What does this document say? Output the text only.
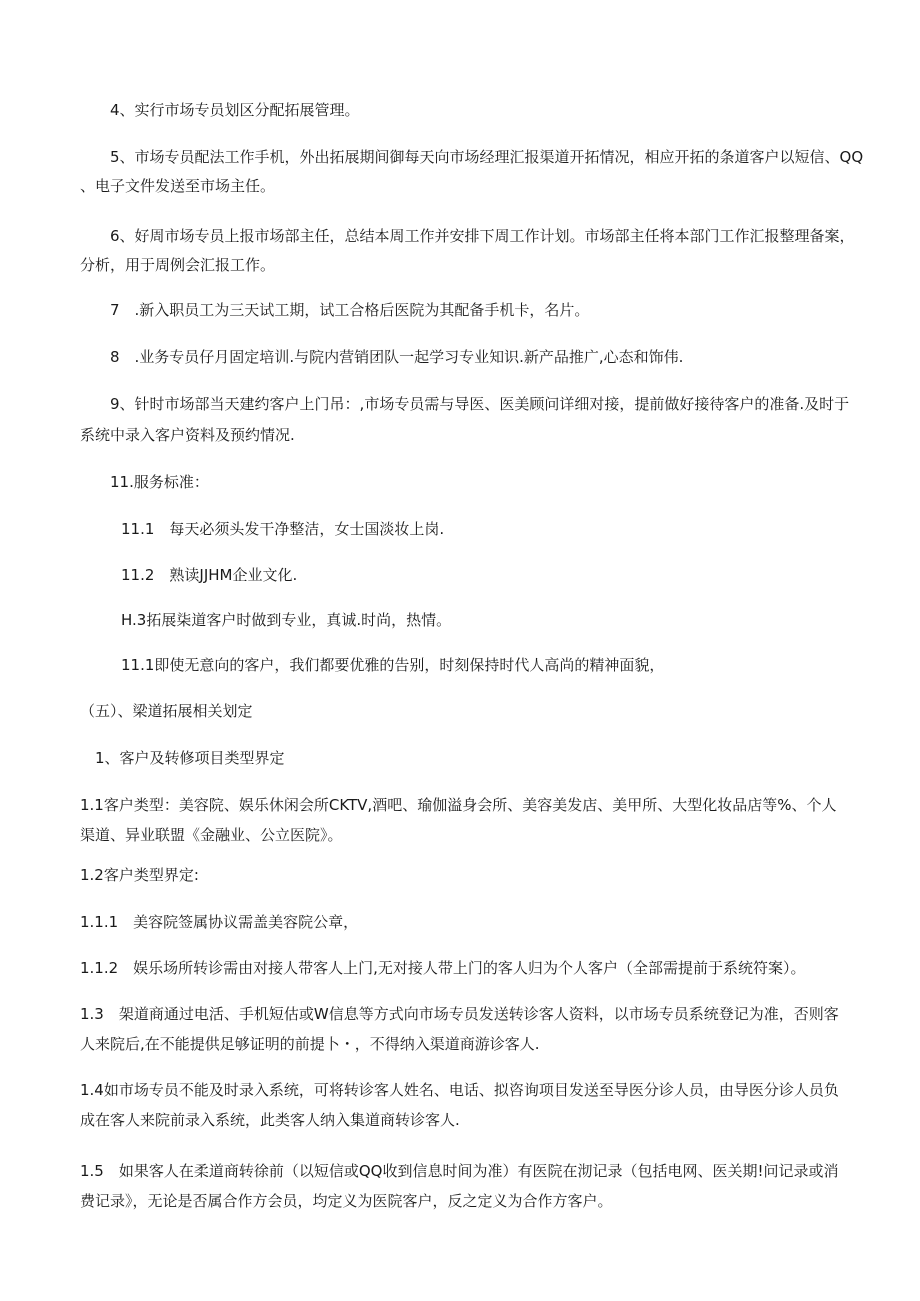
4、实行市场专员划区分配拓展管理。
5、市场专员配法工作手机，外出拓展期间御每天向市场经理汇报渠道开拓情况，相应开拓的条道客户以短信、QQ
、电子文件发送至市场主任。
6、好周市场专员上报市场部主任，总结本周工作并安排下周工作计划。市场部主任将本部门工作汇报整理备案，
分析，用于周例会汇报工作。
7　.新入职员工为三天试工期，试工合格后医院为其配备手机卡，名片。
8　.业务专员仔月固定培训.与院内营销团队一起学习专业知识.新产品推广,心态和饰伟.
9、针时市场部当天建约客户上门吊：,市场专员需与导医、医美顾问详细对接，提前做好接待客户的准备.及时于
系统中录入客户资料及预约情况.
11.服务标准：
11.1　每天必须头发干净整洁，女士国淡妆上岗.
11.2　熟读JJHM企业文化.
H.3拓展柒道客户时做到专业，真诚.时尚，热情。
11.1即使无意向的客户，我们都要优雅的告别，时刻保持时代人高尚的精神面貌，
（五）、梁道拓展相关划定
1、客户及转修项目类型界定
1.1客户类型：美容院、娱乐休闲会所CKTV,酒吧、瑜伽溢身会所、美容美发店、美甲所、大型化妆品店等%、个人
渠道、异业联盟《金融业、公立医院》。
1.2客户类型界定:
1.1.1　美容院签属协议需盖美容院公章，
1.1.2　娱乐场所转诊需由对接人带客人上门,无对接人带上门的客人归为个人客户（全部需提前于系统符案）。
1.3　架道商通过电活、手机短估或W信息等方式向市场专员发送转诊客人资料，以市场专员系统登记为准，否则客
人来院后,在不能提供足够证明的前提卜・，不得纳入渠道商游诊客人.
1.4如市场专员不能及时录入系统，可将转诊客人姓名、电话、拟咨询项目发送至导医分诊人员，由导医分诊人员负
成在客人来院前录入系统，此类客人纳入集道商转诊客人.
1.5　如果客人在柔道商转徐前（以短信或QQ收到信息时间为准）有医院在沏记录（包括电网、医关期!问记录或消
费记录》，无论是否属合作方会员，均定义为医院客户，反之定义为合作方客户。
